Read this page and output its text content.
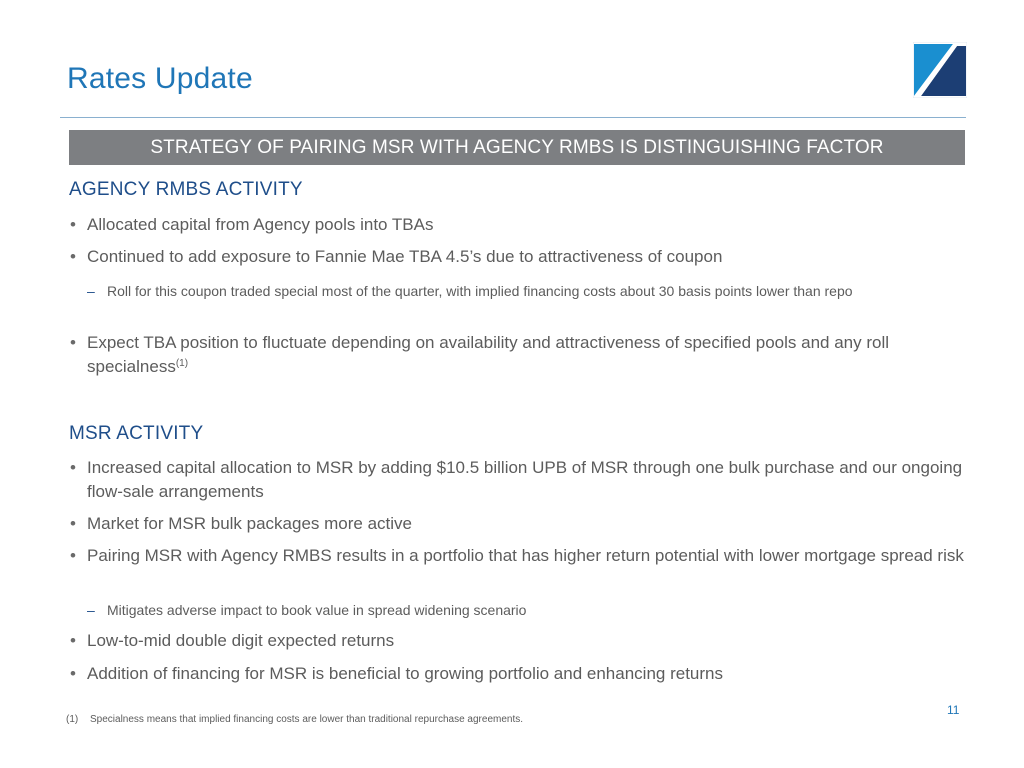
Rates Update
STRATEGY OF PAIRING MSR WITH AGENCY RMBS IS DISTINGUISHING FACTOR
AGENCY RMBS ACTIVITY
• Allocated capital from Agency pools into TBAs
• Continued to add exposure to Fannie Mae TBA 4.5’s due to attractiveness of coupon
– Roll for this coupon traded special most of the quarter, with implied financing costs about 30 basis points lower than repo
• Expect TBA position to fluctuate depending on availability and attractiveness of specified pools and any roll specialness$^{(1)}$
MSR ACTIVITY
• Increased capital allocation to MSR by adding $10.5 billion UPB of MSR through one bulk purchase and our ongoing flow-sale arrangements
• Market for MSR bulk packages more active
• Pairing MSR with Agency RMBS results in a portfolio that has higher return potential with lower mortgage spread risk
– Mitigates adverse impact to book value in spread widening scenario
• Low-to-mid double digit expected returns
• Addition of financing for MSR is beneficial to growing portfolio and enhancing returns
11
(1) Specialness means that implied financing costs are lower than traditional repurchase agreements.
